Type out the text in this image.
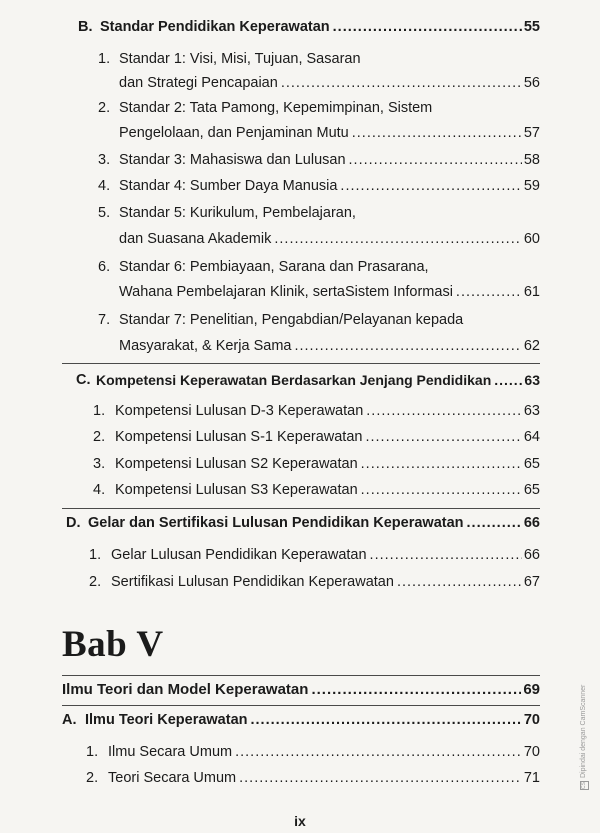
B. Standar Pendidikan Keperawatan .....	55
1. Standar 1: Visi, Misi, Tujuan, Sasaran
dan Strategi Pencapaian .....	56
2. Standar 2: Tata Pamong, Kepemimpinan, Sistem
Pengelolaan, dan Penjaminan Mutu .....	57
3. Standar 3: Mahasiswa dan Lulusan .....	58
4. Standar 4: Sumber Daya Manusia .....	59
5. Standar 5: Kurikulum, Pembelajaran,
dan Suasana Akademik .....	60
6. Standar 6: Pembiayaan, Sarana dan Prasarana,
Wahana Pembelajaran Klinik, sertaSistem Informasi .....	61
7. Standar 7: Penelitian, Pengabdian/Pelayanan kepada
Masyarakat, & Kerja Sama .....	62
C. Kompetensi Keperawatan Berdasarkan Jenjang Pendidikan ..... 63
1. Kompetensi Lulusan D-3 Keperawatan .....	63
2. Kompetensi Lulusan S-1 Keperawatan .....	64
3. Kompetensi Lulusan S2 Keperawatan .....	65
4. Kompetensi Lulusan S3 Keperawatan .....	65
D. Gelar dan Sertifikasi Lulusan Pendidikan Keperawatan .....	66
1. Gelar Lulusan Pendidikan Keperawatan .....	66
2. Sertifikasi Lulusan Pendidikan Keperawatan .....	67
Bab V
Ilmu Teori dan Model Keperawatan .....	69
A. Ilmu Teori Keperawatan .....	70
1. Ilmu Secara Umum .....	70
2. Teori Secara Umum .....	71
ix
CSDipindai dengan CamScanner
